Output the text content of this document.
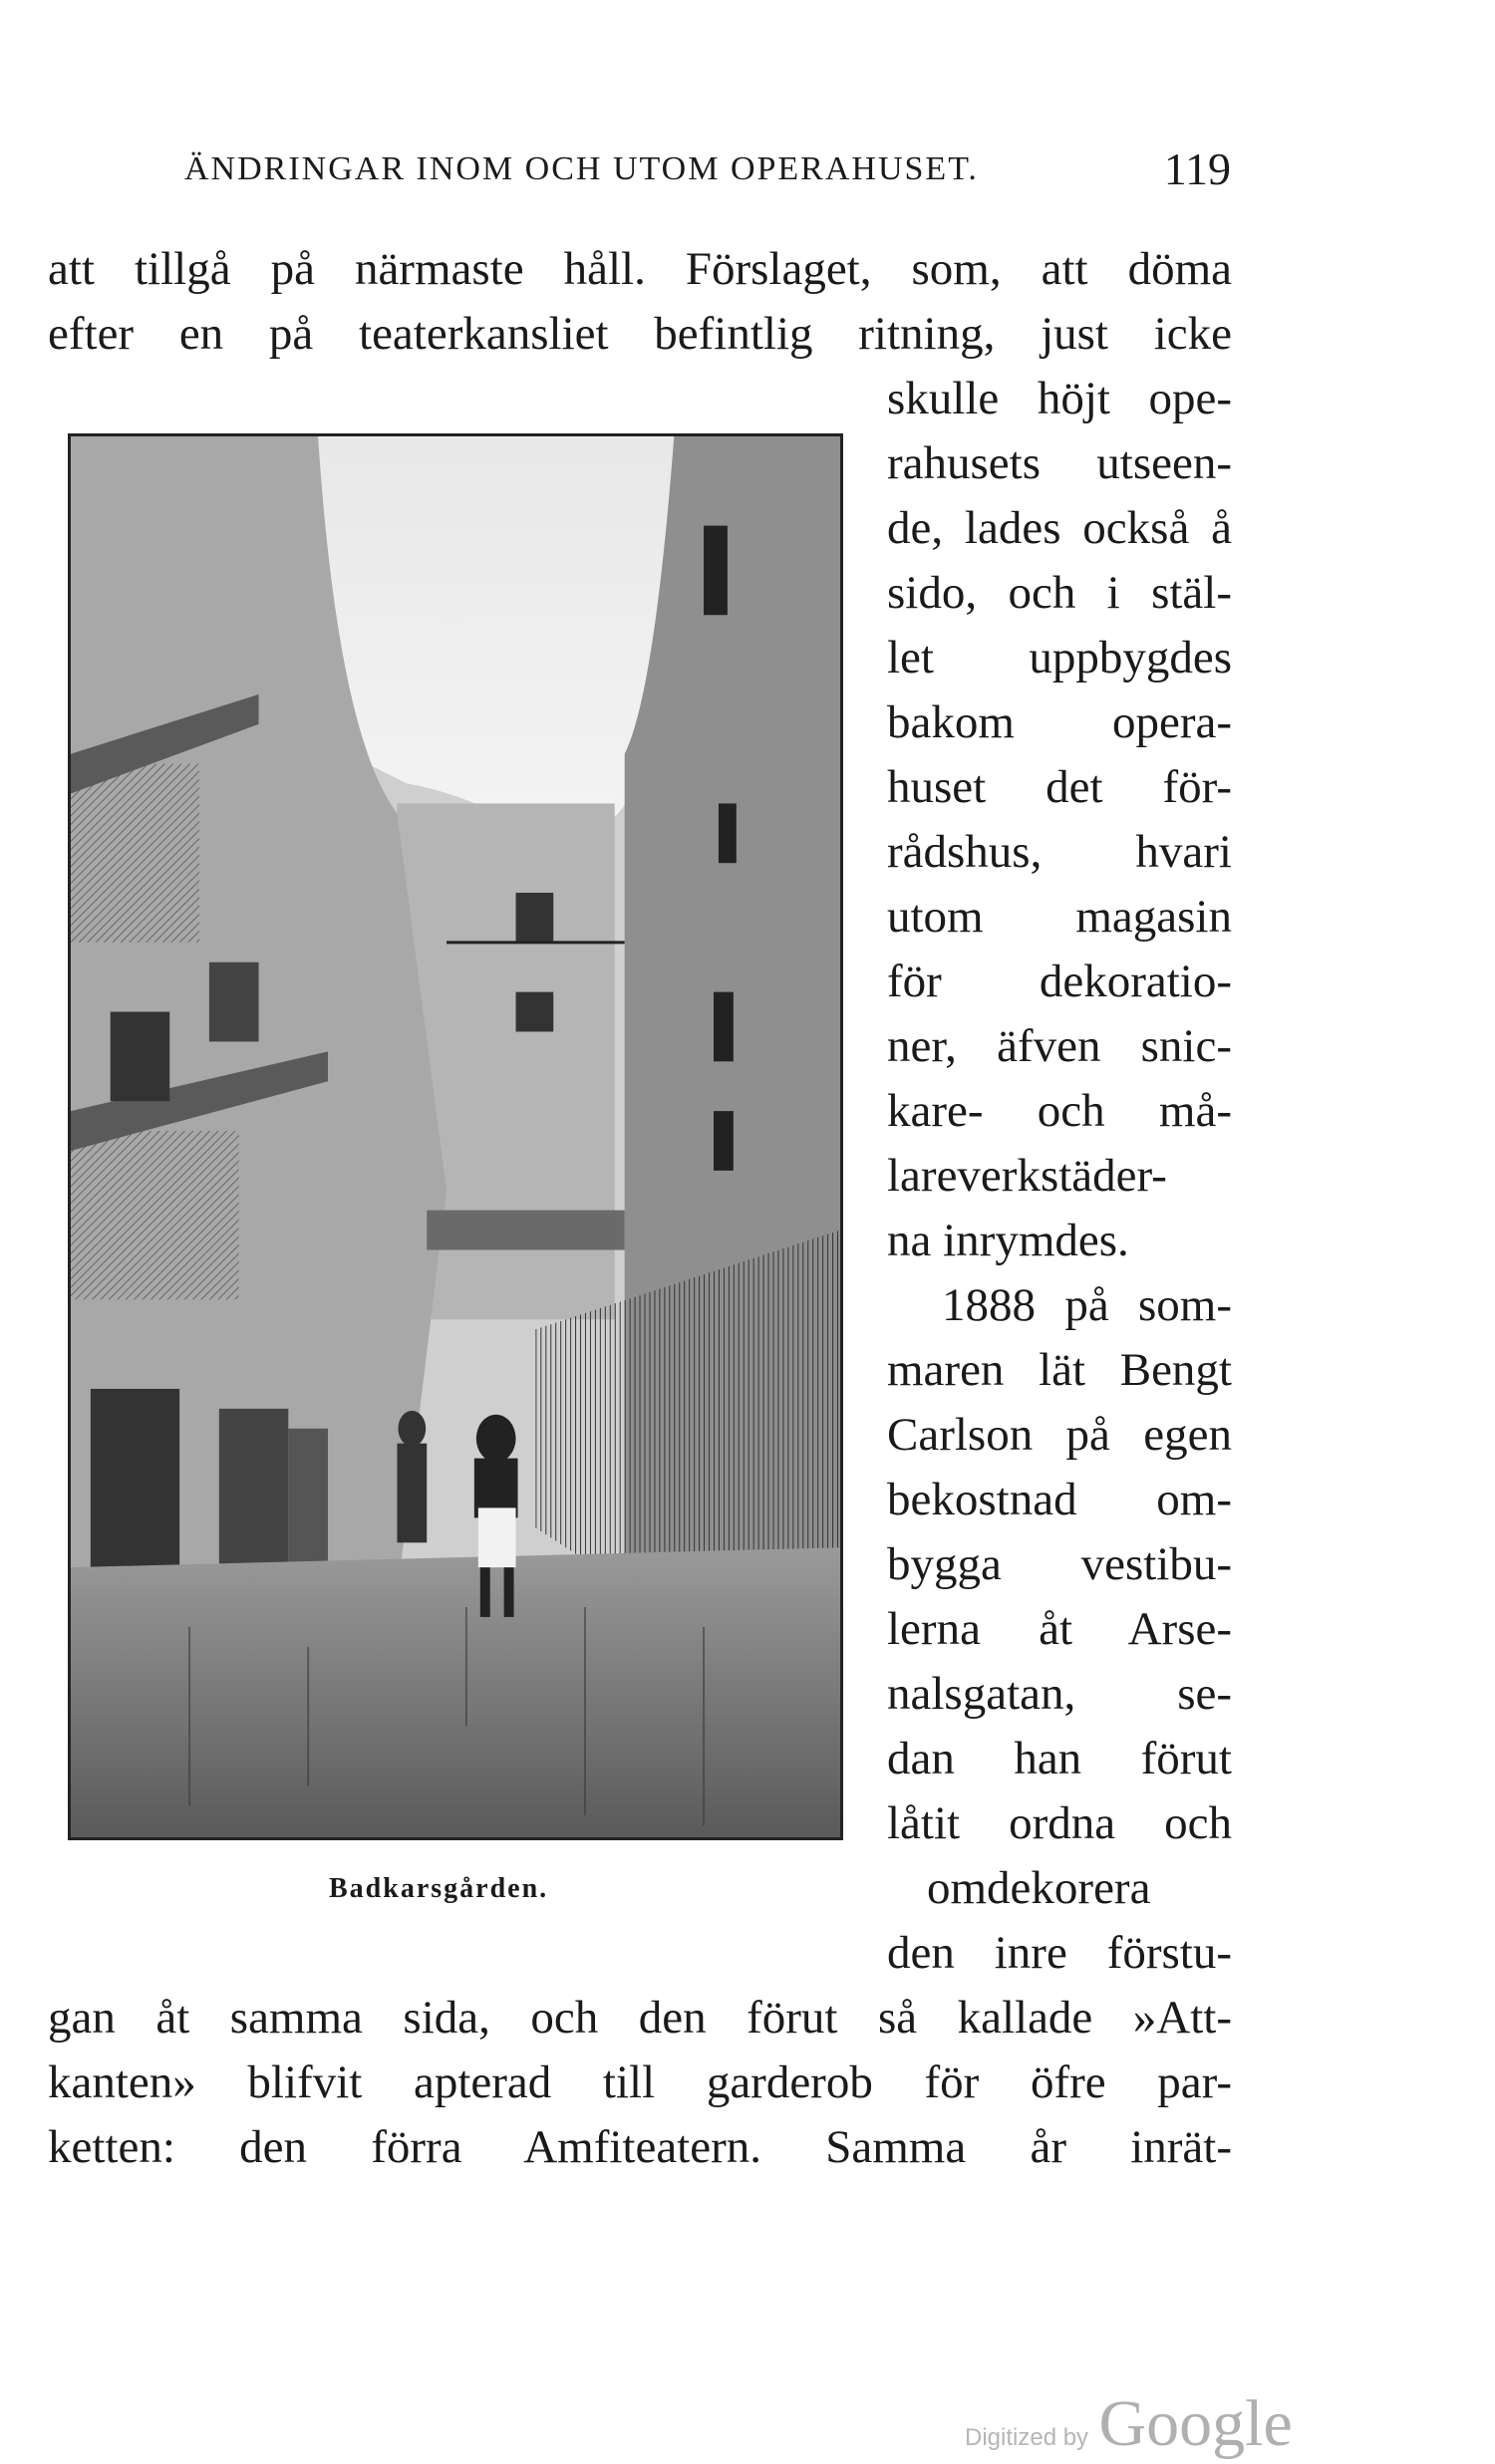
ÄNDRINGAR INOM OCH UTOM OPERAHUSET.	119
att tillgå på närmaste håll. Förslaget, som, att döma
efter en på teaterkansliet befintlig ritning, just icke
skulle höjt ope-
rahusets utseen-
de, lades också å
sido, och i stäl-
let uppbygdes
bakom opera-
huset det för-
rådshus, hvari
utom magasin
för dekoratio-
ner, äfven snic-
kare- och må-
lareverkstäder-
na inrymdes.
1888 på som-
maren lät Bengt
Carlson på egen
bekostnad om-
bygga vestibu-
lerna åt Arse-
nalsgatan, se-
dan han förut
låtit ordna och
omdekorera
den inre förstu-
gan åt samma sida, och den förut så kallade »Att-
kanten» blifvit apterad till garderob för öfre par-
ketten: den förra Amfiteatern. Samma år inrät-
Badkarsgården.
Digitized by Google
